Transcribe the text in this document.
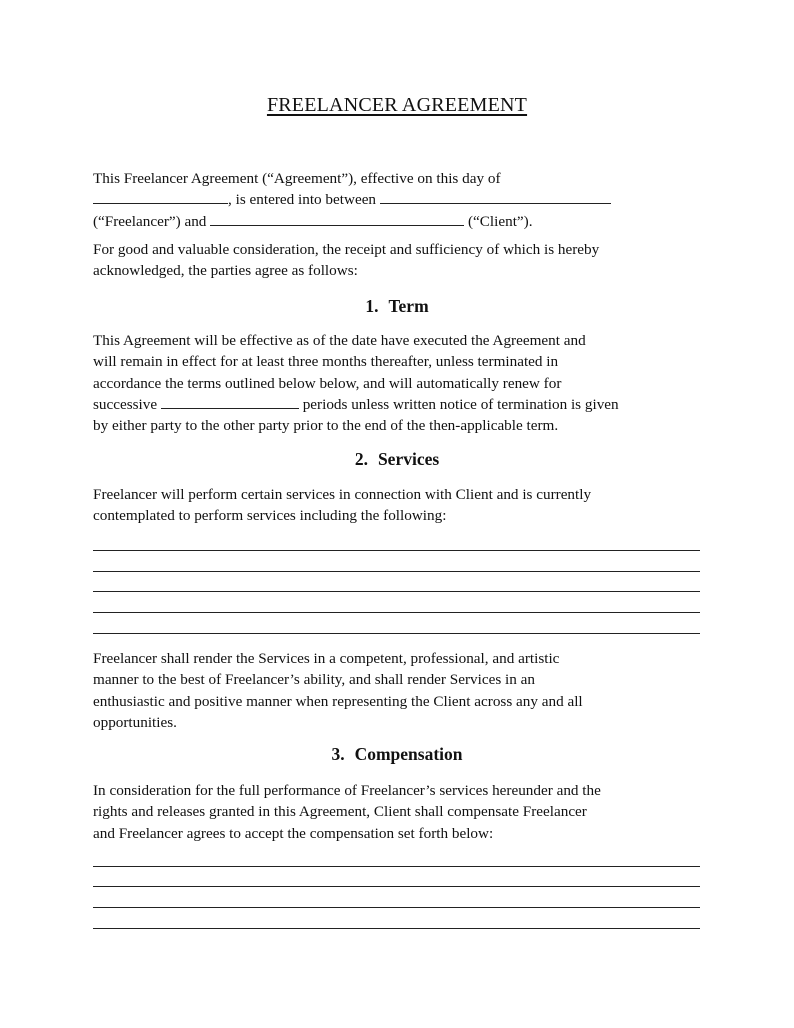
FREELANCER AGREEMENT
This Freelancer Agreement (“Agreement”), effective on this day of
, is entered into between
(“Freelancer”) and	(“Client”).
For good and valuable consideration, the receipt and sufficiency of which is hereby
acknowledged, the parties agree as follows:
1. Term
This Agreement will be effective as of the date have executed the Agreement and
will remain in effect for at least three months thereafter, unless terminated in
accordance the terms outlined below below, and will automatically renew for
successive	periods unless written notice of termination is given
by either party to the other party prior to the end of the then-applicable term.
2. Services
Freelancer will perform certain services in connection with Client and is currently
contemplated to perform services including the following:
Freelancer shall render the Services in a competent, professional, and artistic
manner to the best of Freelancer’s ability, and shall render Services in an
enthusiastic and positive manner when representing the Client across any and all
opportunities.
3. Compensation
In consideration for the full performance of Freelancer’s services hereunder and the
rights and releases granted in this Agreement, Client shall compensate Freelancer
and Freelancer agrees to accept the compensation set forth below:
